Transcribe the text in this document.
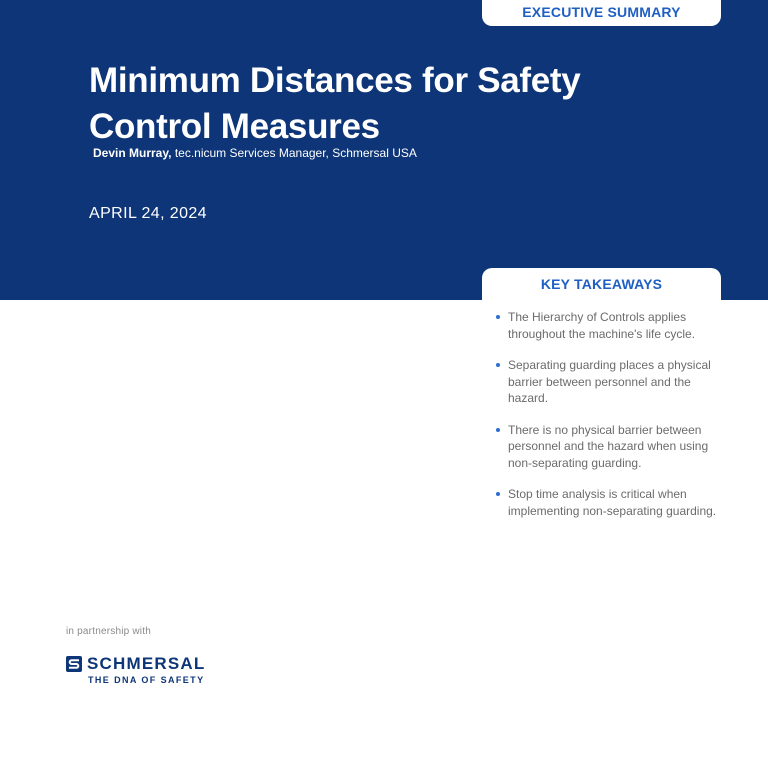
EXECUTIVE SUMMARY
Minimum Distances for Safety Control Measures
Devin Murray, tec.nicum Services Manager, Schmersal USA
APRIL 24, 2024
KEY TAKEAWAYS
The Hierarchy of Controls applies throughout the machine's life cycle.
Separating guarding places a physical barrier between personnel and the hazard.
There is no physical barrier between personnel and the hazard when using non-separating guarding.
Stop time analysis is critical when implementing non-separating guarding.
in partnership with
SCHMERSAL
THE DNA OF SAFETY
